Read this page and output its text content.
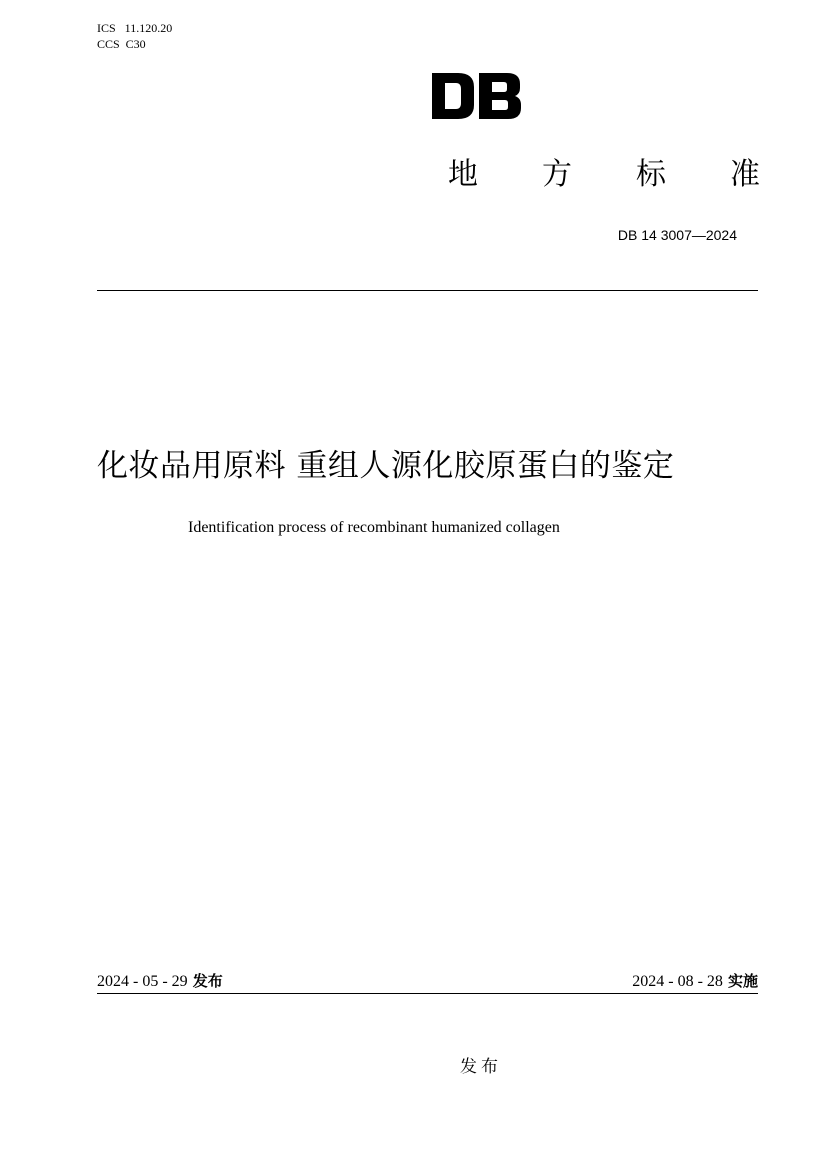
ICS   11.120.20
CCS  C30
地 方 标 准
DB 14 3007—2024
化妆品用原料 重组人源化胶原蛋白的鉴定
Identification process of recombinant humanized collagen
2024 - 05 - 29 发布	2024 - 08 - 28 实施
发布
